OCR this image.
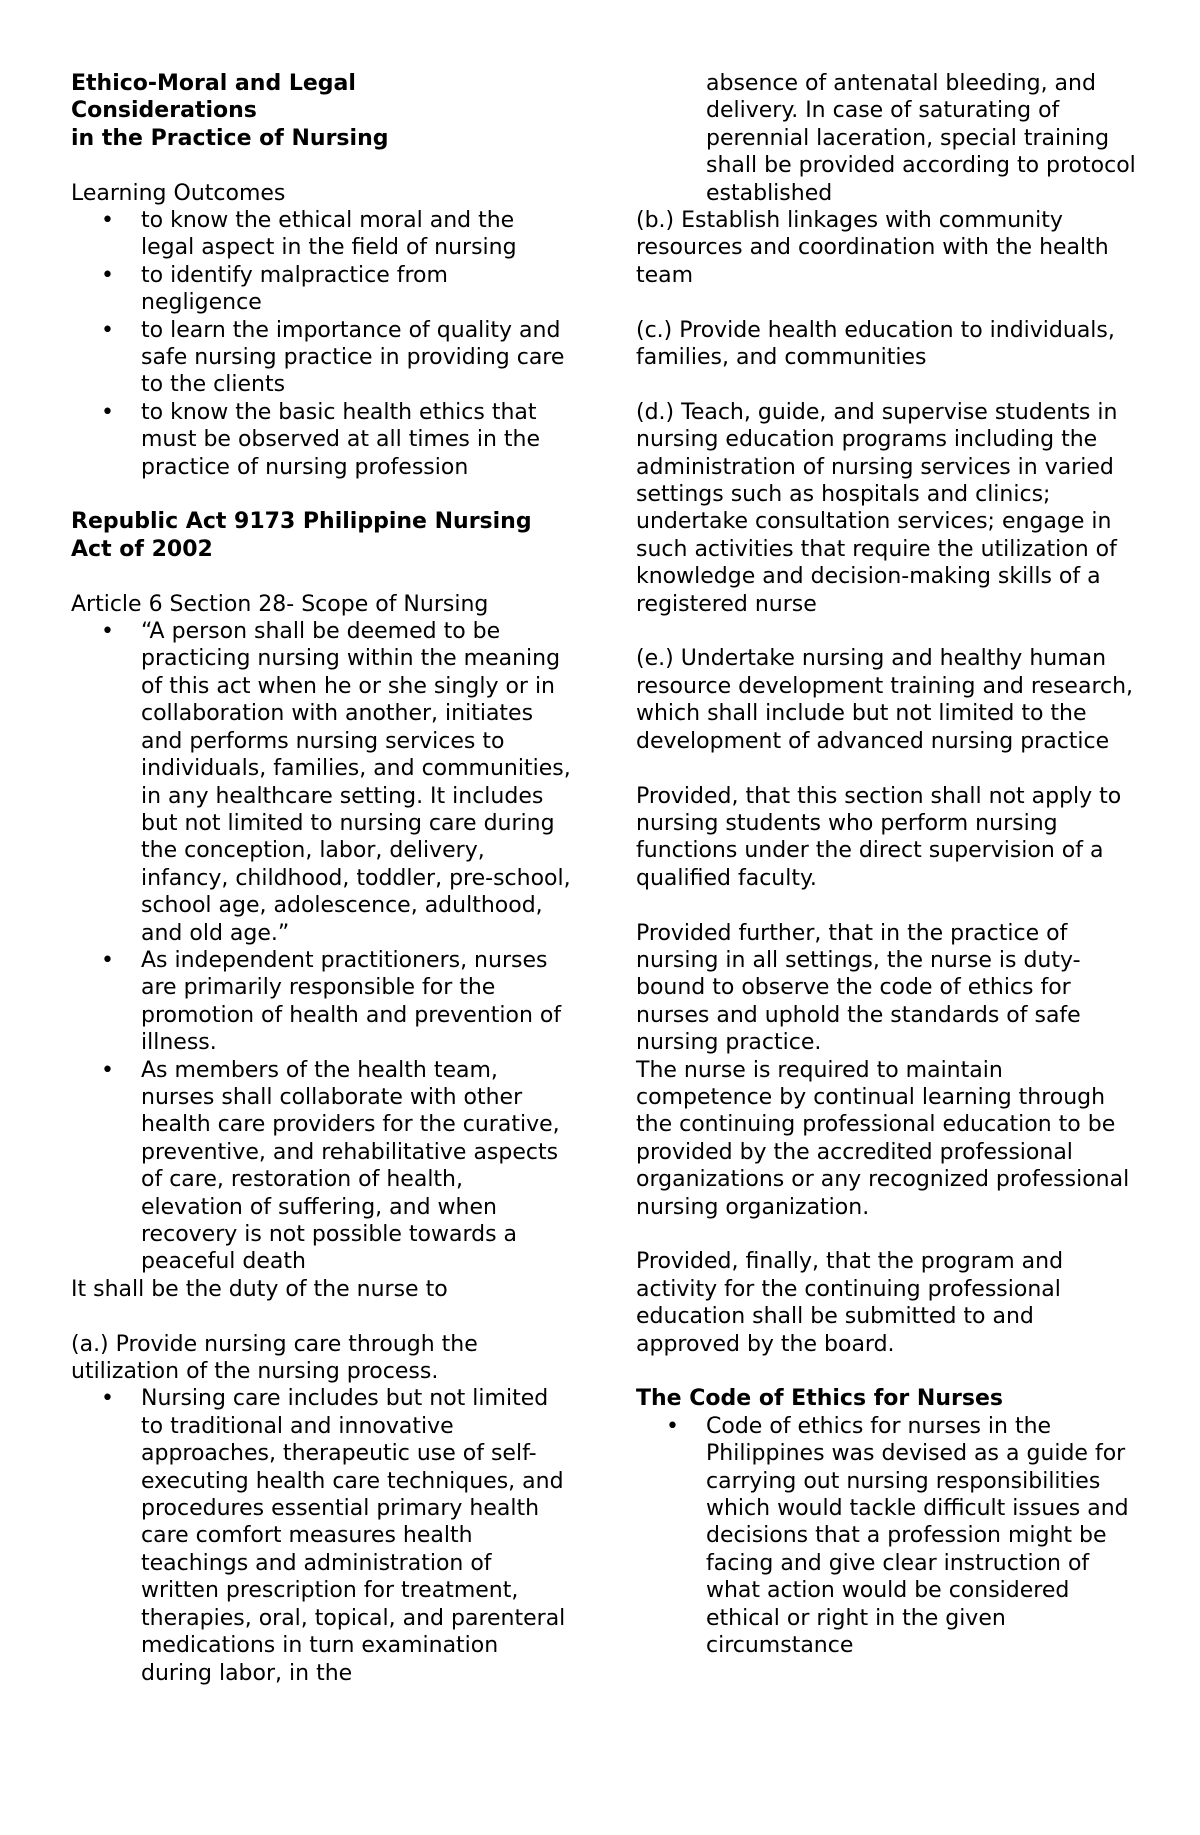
Ethico-Moral and Legal

Considerations

in the Practice of Nursing

Learning Outcomes

• to know the ethical moral and the legal aspect in the field of nursing
• to identify malpractice from negligence
• to learn the importance of quality and safe nursing practice in providing care to the clients
• to know the basic health ethics that must be observed at all times in the practice of nursing profession

Republic Act 9173 Philippine Nursing Act of 2002

Article 6 Section 28- Scope of Nursing

• “A person shall be deemed to be practicing nursing within the meaning of this act when he or she singly or in collaboration with another, initiates and performs nursing services to individuals, families, and communities, in any healthcare setting. It includes but not limited to nursing care during the conception, labor, delivery, infancy, childhood, toddler, pre-school, school age, adolescence, adulthood, and old age.”
• As independent practitioners, nurses are primarily responsible for the promotion of health and prevention of illness.
• As members of the health team, nurses shall collaborate with other health care providers for the curative, preventive, and rehabilitative aspects of care, restoration of health, elevation of suffering, and when recovery is not possible towards a peaceful death

It shall be the duty of the nurse to

(a.) Provide nursing care through the utilization of the nursing process.

• Nursing care includes but not limited to traditional and innovative approaches, therapeutic use of self-executing health care techniques, and procedures essential primary health care comfort measures health teachings and administration of written prescription for treatment, therapies, oral, topical, and parenteral medications in turn examination during labor, in the

absence of antenatal bleeding, and delivery. In case of saturating of perennial laceration, special training shall be provided according to protocol established

(b.) Establish linkages with community resources and coordination with the health team

(c.) Provide health education to individuals, families, and communities

(d.) Teach, guide, and supervise students in nursing education programs including the administration of nursing services in varied settings such as hospitals and clinics; undertake consultation services; engage in such activities that require the utilization of knowledge and decision-making skills of a registered nurse

(e.) Undertake nursing and healthy human resource development training and research, which shall include but not limited to the development of advanced nursing practice

Provided, that this section shall not apply to nursing students who perform nursing functions under the direct supervision of a qualified faculty.

Provided further, that in the practice of nursing in all settings, the nurse is duty-bound to observe the code of ethics for nurses and uphold the standards of safe nursing practice.

The nurse is required to maintain competence by continual learning through the continuing professional education to be provided by the accredited professional organizations or any recognized professional nursing organization.

Provided, finally, that the program and activity for the continuing professional education shall be submitted to and approved by the board.

The Code of Ethics for Nurses

• Code of ethics for nurses in the Philippines was devised as a guide for carrying out nursing responsibilities which would tackle difficult issues and decisions that a profession might be facing and give clear instruction of what action would be considered ethical or right in the given circumstance
